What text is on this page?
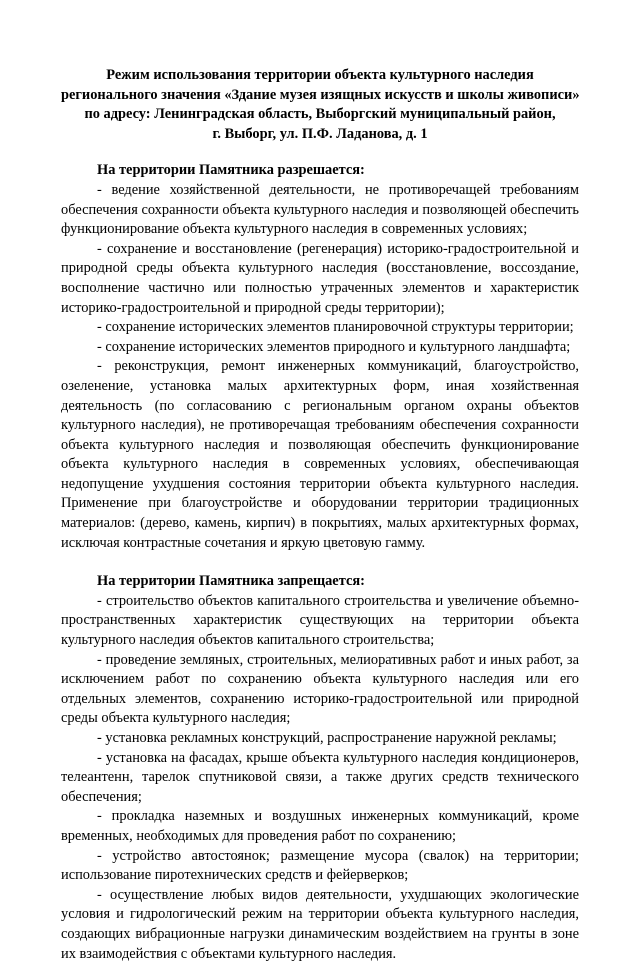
Режим использования территории объекта культурного наследия
регионального значения «Здание музея изящных искусств и школы живописи»
по адресу: Ленинградская область, Выборгский муниципальный район,
г. Выборг, ул. П.Ф. Ладанова, д. 1

На территории Памятника разрешается:

- ведение хозяйственной деятельности, не противоречащей требованиям обеспечения сохранности объекта культурного наследия и позволяющей обеспечить функционирование объекта культурного наследия в современных условиях;

- сохранение и восстановление (регенерация) историко-градостроительной и природной среды объекта культурного наследия (восстановление, воссоздание, восполнение частично или полностью утраченных элементов и характеристик историко-градостроительной и природной среды территории);

- сохранение исторических элементов планировочной структуры территории;

- сохранение исторических элементов природного и культурного ландшафта;

- реконструкция, ремонт инженерных коммуникаций, благоустройство, озеленение, установка малых архитектурных форм, иная хозяйственная деятельность (по согласованию с региональным органом охраны объектов культурного наследия), не противоречащая требованиям обеспечения сохранности объекта культурного наследия и позволяющая обеспечить функционирование объекта культурного наследия в современных условиях, обеспечивающая недопущение ухудшения состояния территории объекта культурного наследия. Применение при благоустройстве и оборудовании территории традиционных материалов: (дерево, камень, кирпич) в покрытиях, малых архитектурных формах, исключая контрастные сочетания и яркую цветовую гамму.

На территории Памятника запрещается:

- строительство объектов капитального строительства и увеличение объемно-пространственных характеристик существующих на территории объекта культурного наследия объектов капитального строительства;

- проведение земляных, строительных, мелиоративных работ и иных работ, за исключением работ по сохранению объекта культурного наследия или его отдельных элементов, сохранению историко-градостроительной или природной среды объекта культурного наследия;

- установка рекламных конструкций, распространение наружной рекламы;

- установка на фасадах, крыше объекта культурного наследия кондиционеров, телеантенн, тарелок спутниковой связи, а также других средств технического обеспечения;

- прокладка наземных и воздушных инженерных коммуникаций, кроме временных, необходимых для проведения работ по сохранению;

- устройство автостоянок; размещение мусора (свалок) на территории; использование пиротехнических средств и фейерверков;

- осуществление любых видов деятельности, ухудшающих экологические условия и гидрологический режим на территории объекта культурного наследия, создающих вибрационные нагрузки динамическим воздействием на грунты в зоне их взаимодействия с объектами культурного наследия.
